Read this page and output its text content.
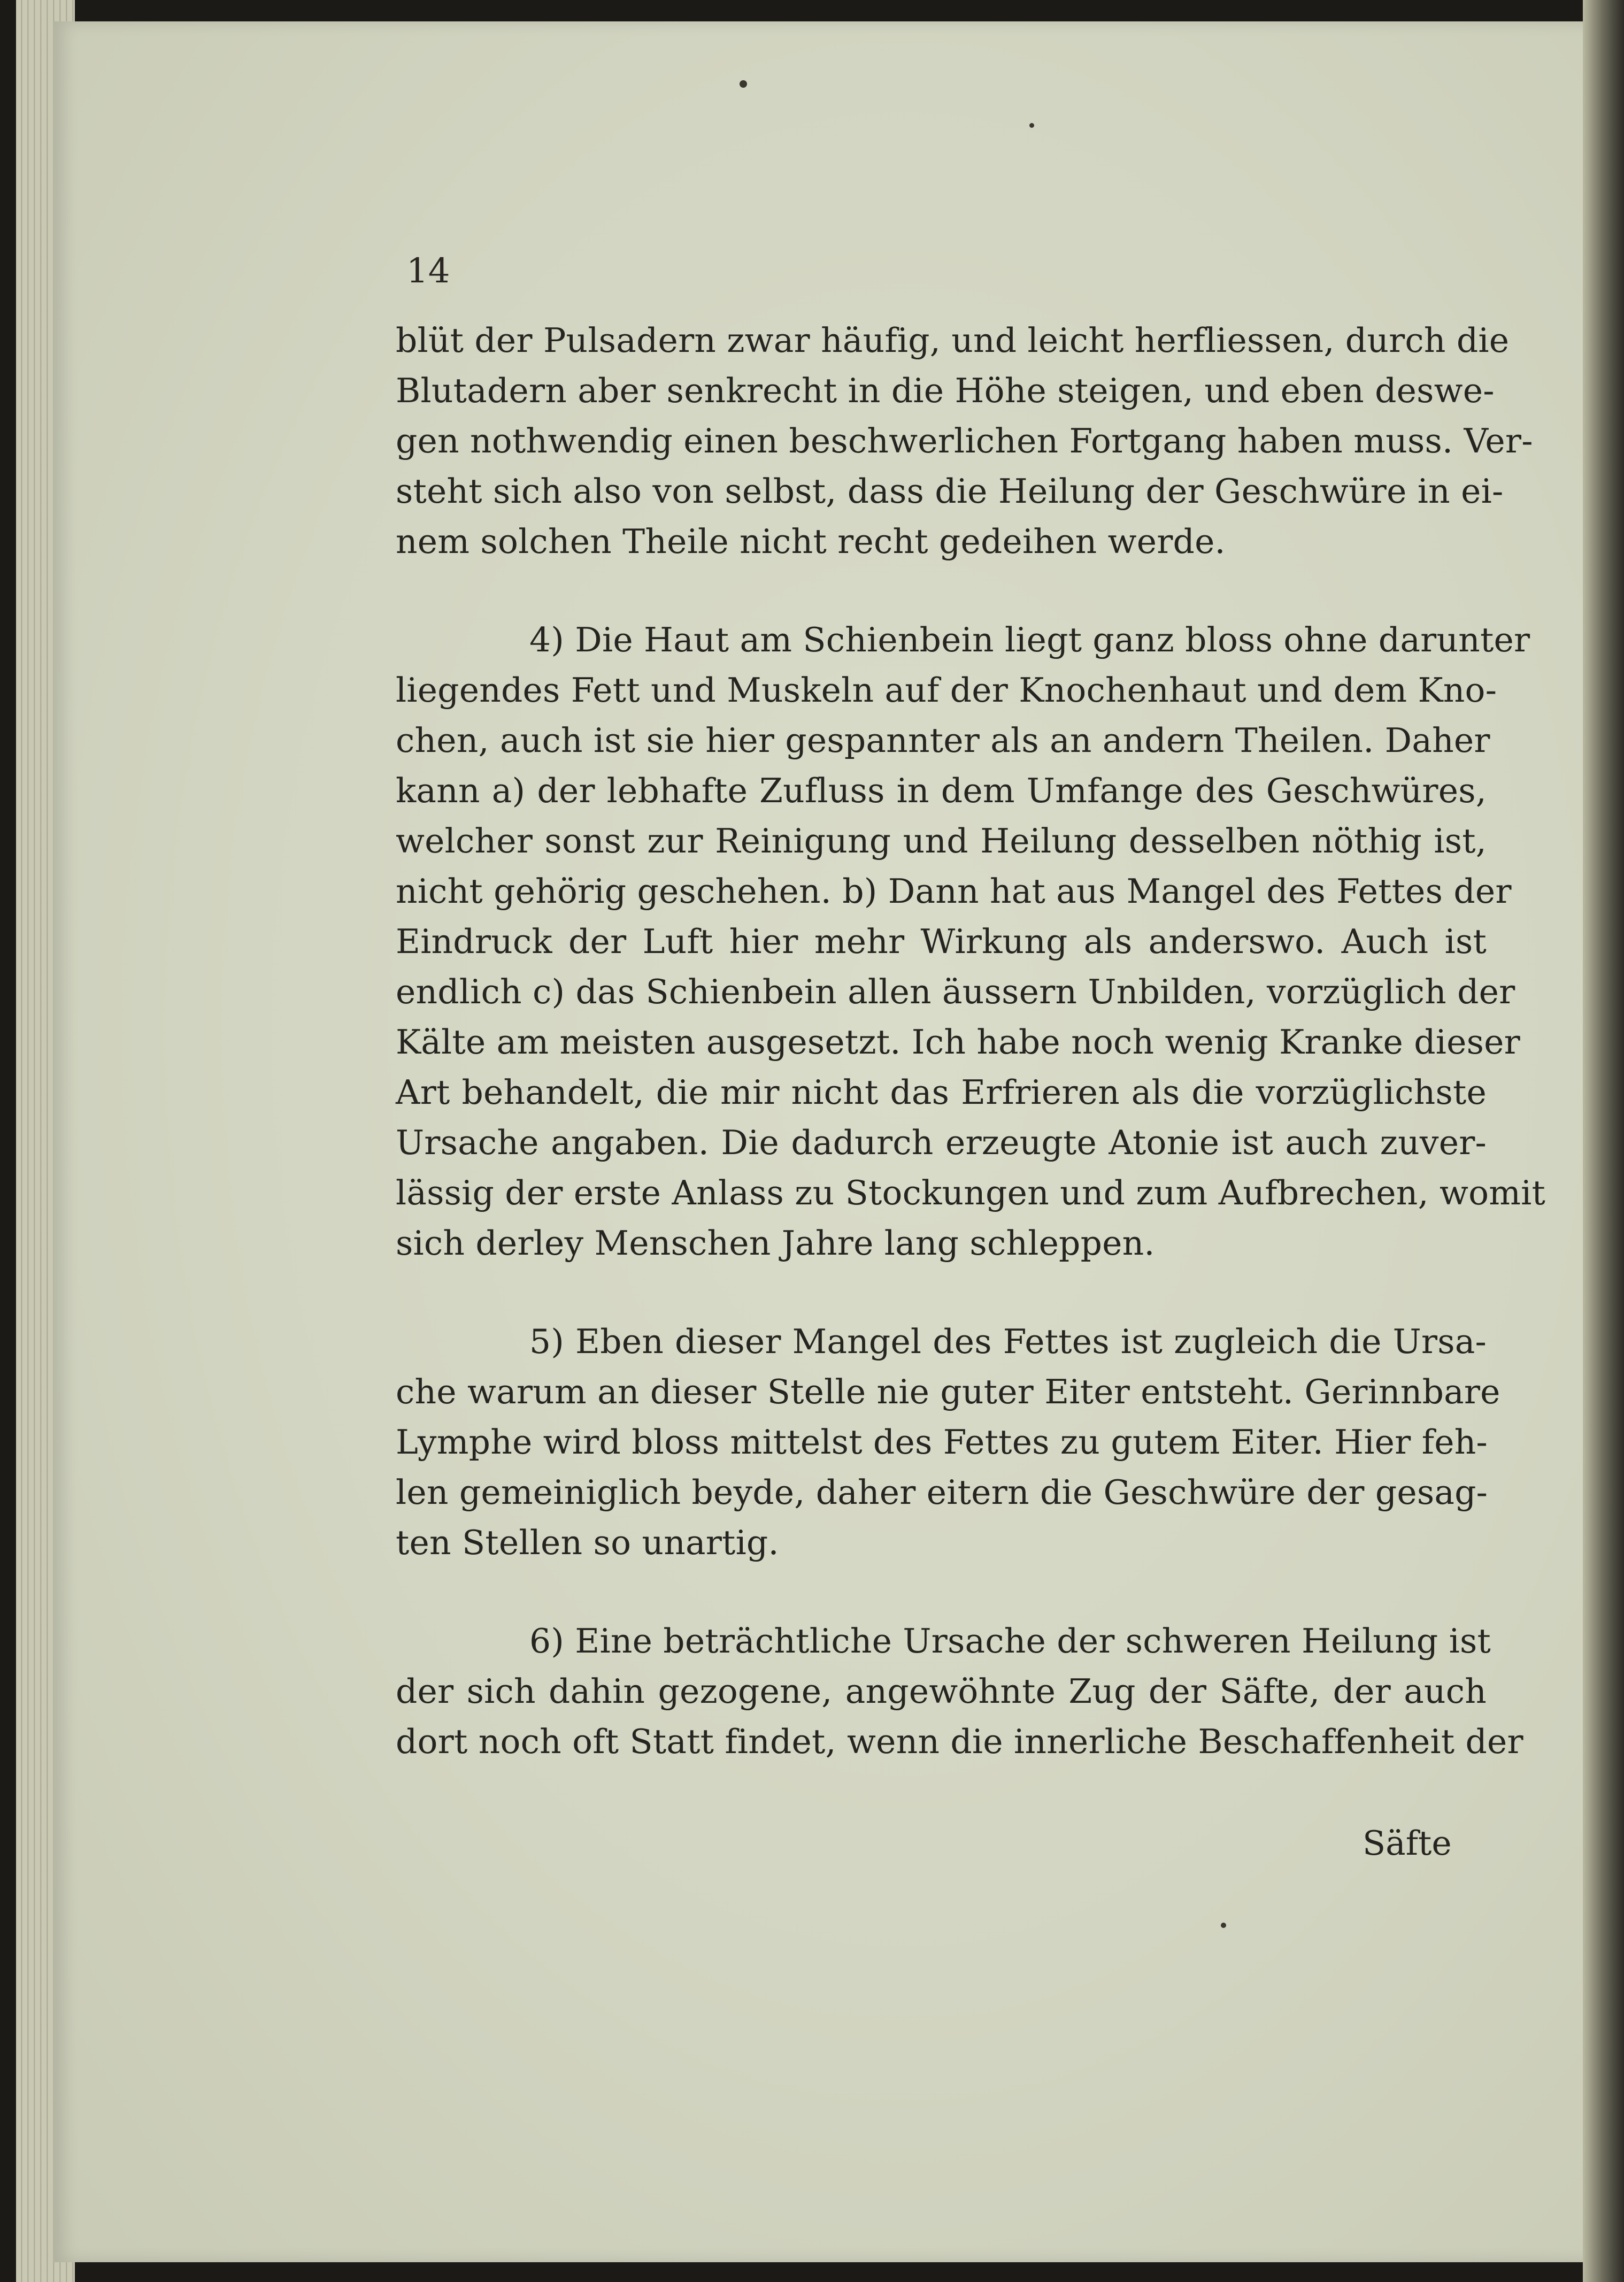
14
blüt der Pulsadern zwar häufig, und leicht herfliessen, durch die
Blutadern aber senkrecht in die Höhe steigen, und eben deswe-
gen nothwendig einen beschwerlichen Fortgang haben muss. Ver-
steht sich also von selbst, dass die Heilung der Geschwüre in ei-
nem solchen Theile nicht recht gedeihen werde.
4) Die Haut am Schienbein liegt ganz bloss ohne darunter
liegendes Fett und Muskeln auf der Knochenhaut und dem Kno-
chen, auch ist sie hier gespannter als an andern Theilen. Daher
kann a) der lebhafte Zufluss in dem Umfange des Geschwüres,
welcher sonst zur Reinigung und Heilung desselben nöthig ist,
nicht gehörig geschehen. b) Dann hat aus Mangel des Fettes der
Eindruck der Luft hier mehr Wirkung als anderswo. Auch ist
endlich c) das Schienbein allen äussern Unbilden, vorzüglich der
Kälte am meisten ausgesetzt. Ich habe noch wenig Kranke dieser
Art behandelt, die mir nicht das Erfrieren als die vorzüglichste
Ursache angaben. Die dadurch erzeugte Atonie ist auch zuver-
lässig der erste Anlass zu Stockungen und zum Aufbrechen, womit
sich derley Menschen Jahre lang schleppen.
5) Eben dieser Mangel des Fettes ist zugleich die Ursa-
che warum an dieser Stelle nie guter Eiter entsteht. Gerinnbare
Lymphe wird bloss mittelst des Fettes zu gutem Eiter. Hier feh-
len gemeiniglich beyde, daher eitern die Geschwüre der gesag-
ten Stellen so unartig.
6) Eine beträchtliche Ursache der schweren Heilung ist
der sich dahin gezogene, angewöhnte Zug der Säfte, der auch
dort noch oft Statt findet, wenn die innerliche Beschaffenheit der
Säfte
